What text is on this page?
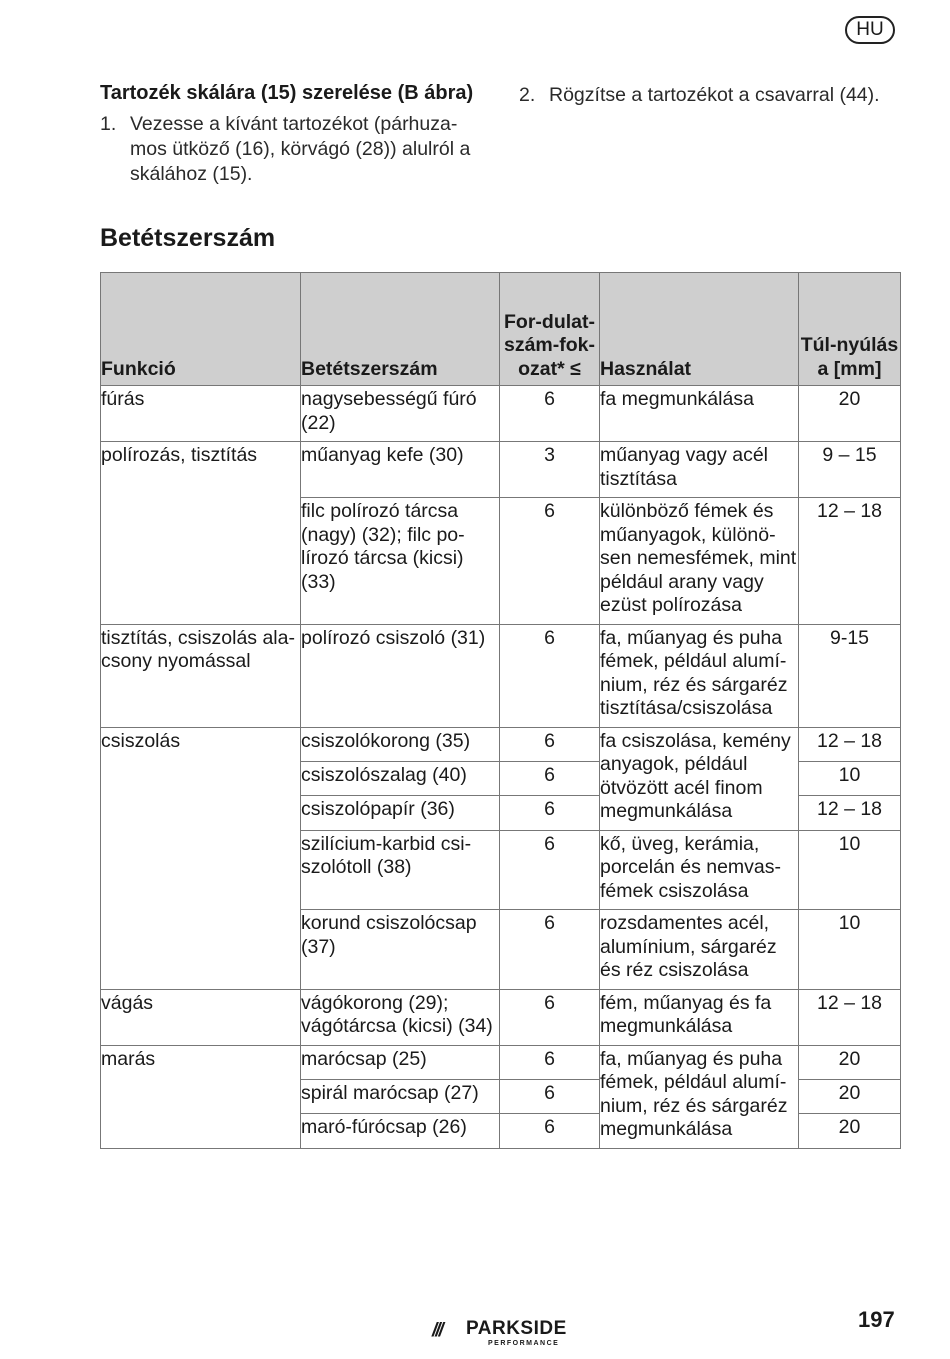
HU
Tartozék skálára (15) szerelése (B ábra)
1. Vezesse a kívánt tartozékot (párhuza-mos ütköző (16), körvágó (28)) alulról a skálához (15).
2. Rögzítse a tartozékot a csavarral (44).
Betétszerszám
Funkció	Betétszerszám	For-dulat-szám-fok-ozat* ≤	Használat	Túl-nyúlás a [mm]
fúrás	nagysebességű fúró (22)	6	fa megmunkálása	20
polírozás, tisztítás	műanyag kefe (30)	3	műanyag vagy acél tisztítása	9 – 15
	filc polírozó tárcsa (nagy) (32); filc po-lírozó tárcsa (kicsi) (33)	6	különböző fémek és műanyagok, különö-sen nemesfémek, mint például arany vagy ezüst polírozása	12 – 18
tisztítás, csiszolás ala-csony nyomással	polírozó csiszoló (31)	6	fa, műanyag és puha fémek, például alumí-nium, réz és sárgaréz tisztítása/csiszolása	9-15
csiszolás	csiszolókorong (35)	6	fa csiszolása, kemény anyagok, például ötvözött acél finom megmunkálása	12 – 18
	csiszolószalag (40)	6		10
	csiszolópapír (36)	6		12 – 18
	szilícium-karbid csi-szolótoll (38)	6	kő, üveg, kerámia, porcelán és nemvas-fémek csiszolása	10
	korund csiszolócsap (37)	6	rozsdamentes acél, alumínium, sárgaréz és réz csiszolása	10
vágás	vágókorong (29); vágótárcsa (kicsi) (34)	6	fém, műanyag és fa megmunkálása	12 – 18
marás	marócsap (25)	6	fa, műanyag és puha fémek, például alumí-nium, réz és sárgaréz megmunkálása	20
	spirál marócsap (27)	6		20
	maró-fúrócsap (26)	6		20
/// PARKSIDE
PERFORMANCE
197
